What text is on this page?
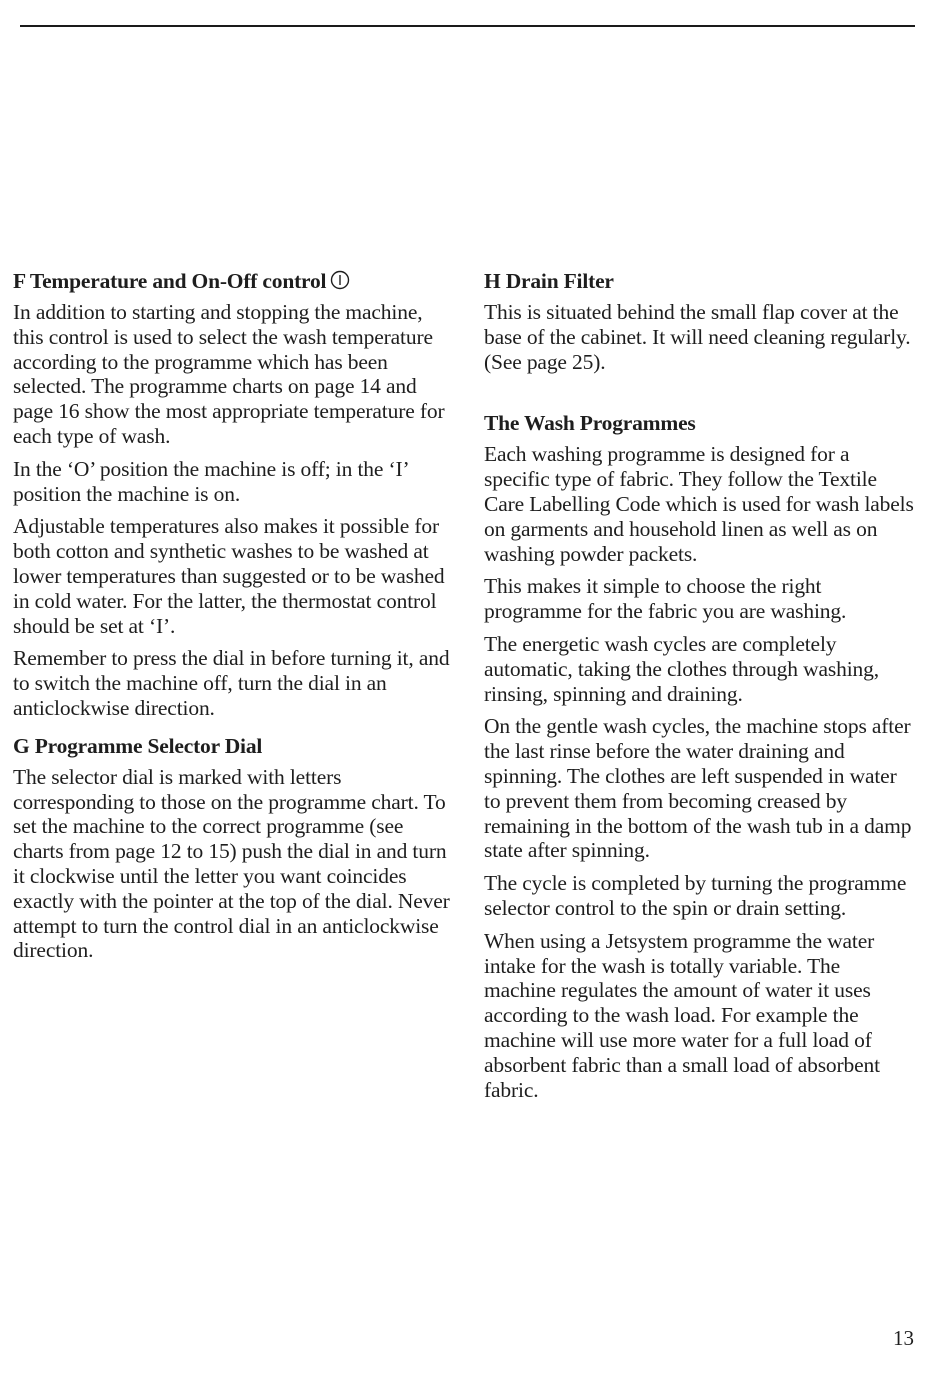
F Temperature and On-Off control

In addition to starting and stopping the machine, this control is used to select the wash temperature according to the programme which has been selected. The programme charts on page 14 and page 16 show the most appropriate temperature for each type of wash.

In the ‘O’ position the machine is off; in the ‘I’ position the machine is on.

Adjustable temperatures also makes it possible for both cotton and synthetic washes to be washed at lower temperatures than suggested or to be washed in cold water. For the latter, the thermostat control should be set at ‘I’.

Remember to press the dial in before turning it, and to switch the machine off, turn the dial in an anticlockwise direction.

G Programme Selector Dial

The selector dial is marked with letters corresponding to those on the programme chart. To set the machine to the correct programme (see charts from page 12 to 15) push the dial in and turn it clockwise until the letter you want coincides exactly with the pointer at the top of the dial. Never attempt to turn the control dial in an anticlockwise direction.

H Drain Filter

This is situated behind the small flap cover at the base of the cabinet. It will need cleaning regularly. (See page 25).

The Wash Programmes

Each washing programme is designed for a specific type of fabric. They follow the Textile Care Labelling Code which is used for wash labels on garments and household linen as well as on washing powder packets.

This makes it simple to choose the right programme for the fabric you are washing.

The energetic wash cycles are completely automatic, taking the clothes through washing, rinsing, spinning and draining.

On the gentle wash cycles, the machine stops after the last rinse before the water draining and spinning. The clothes are left suspended in water to prevent them from becoming creased by remaining in the bottom of the wash tub in a damp state after spinning.

The cycle is completed by turning the programme selector control to the spin or drain setting.

When using a Jetsystem programme the water intake for the wash is totally variable. The machine regulates the amount of water it uses according to the wash load. For example the machine will use more water for a full load of absorbent fabric than a small load of absorbent fabric.

13
